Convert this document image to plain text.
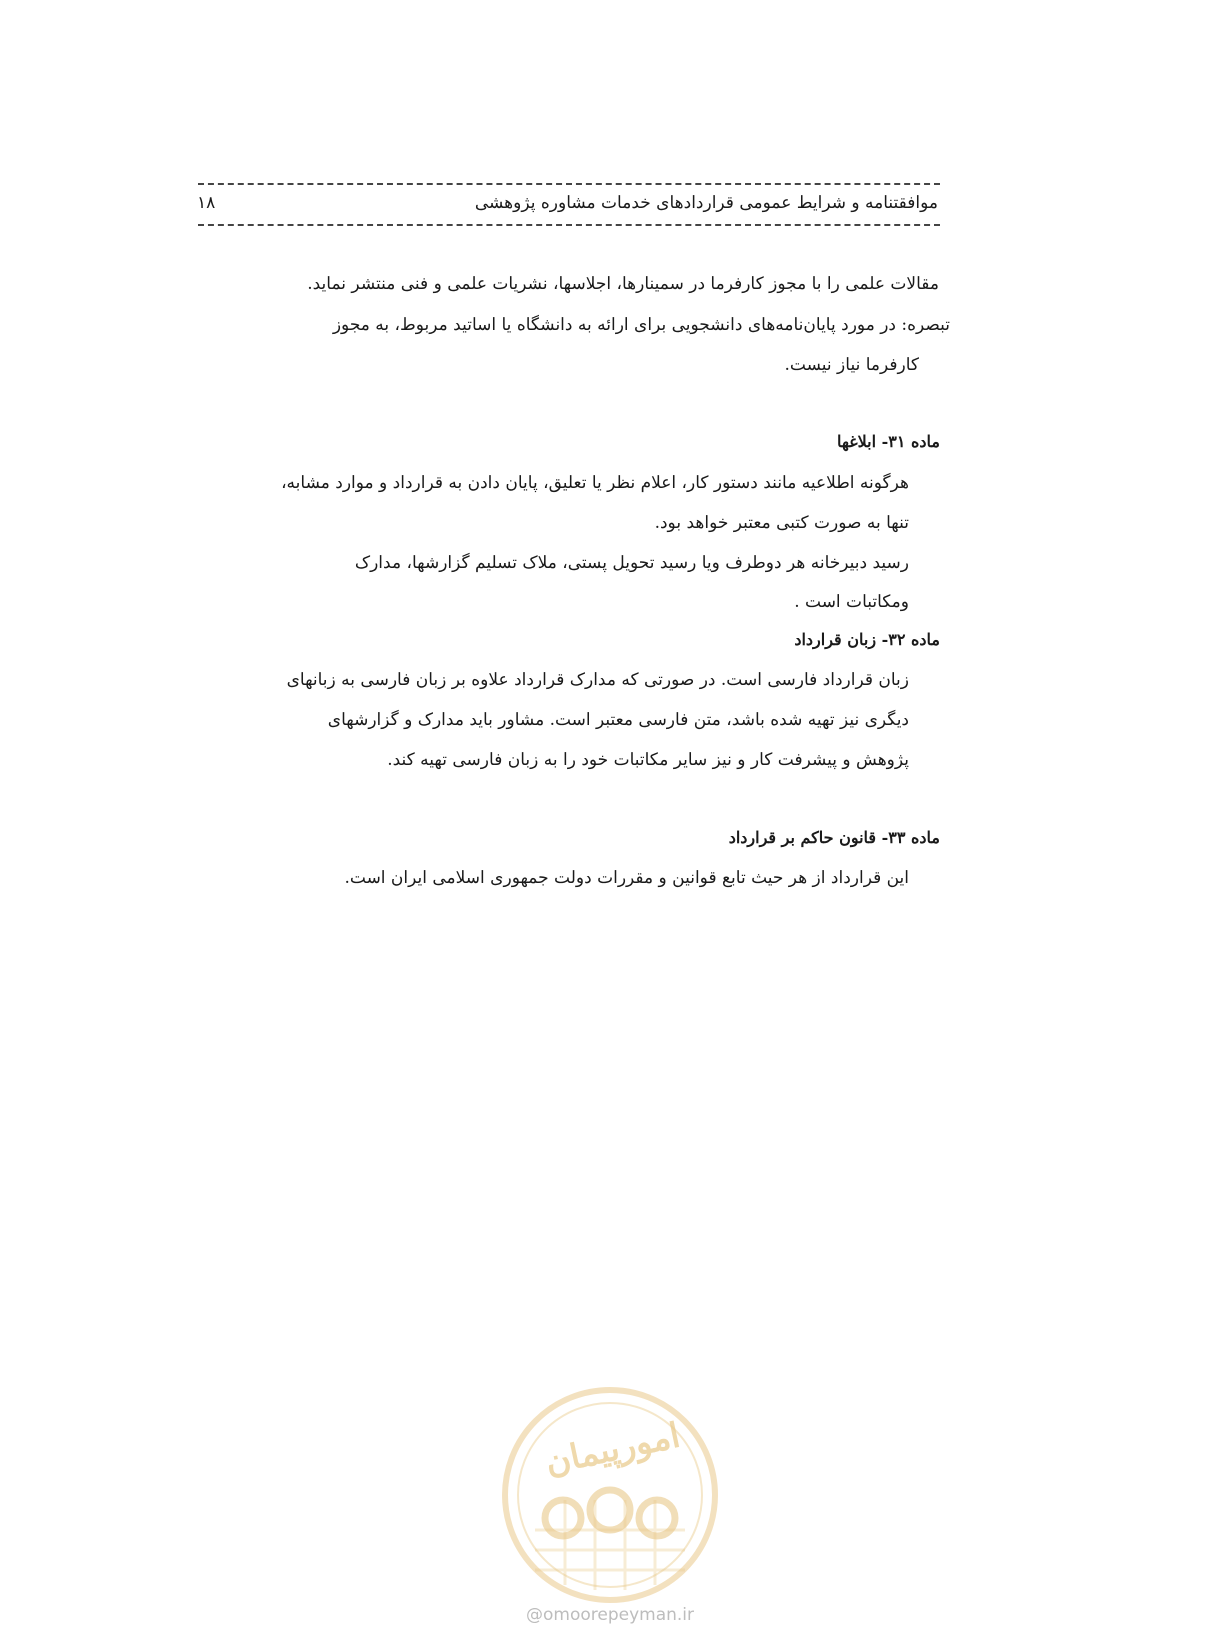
موافقتنامه و شرایط عمومی قراردادهای خدمات مشاوره پژوهشی
۱۸
مقالات علمی را با مجوز کارفرما در سمینارها، اجلاسها، نشریات علمی و فنی منتشر نماید.
تبصره: در مورد پایان‌نامه‌های دانشجویی برای ارائه به دانشگاه یا اساتید مربوط، به مجوز
کارفرما نیاز نیست.
ماده ۳۱- ابلاغها
هرگونه اطلاعیه مانند دستور کار، اعلام نظر یا تعلیق، پایان دادن به قرارداد و موارد مشابه،
تنها به صورت کتبی معتبر خواهد بود.
رسید دبیرخانه هر دوطرف ویا رسید تحویل پستی، ملاک تسلیم گزارشها، مدارک
ومکاتبات است .
ماده ۳۲- زبان قرارداد
زبان قرارداد فارسی است. در صورتی که مدارک قرارداد علاوه بر زبان فارسی به زبانهای
دیگری نیز تهیه شده باشد، متن فارسی معتبر است. مشاور باید مدارک و گزارشهای
پژوهش و پیشرفت کار و نیز سایر مکاتبات خود را به زبان فارسی تهیه کند.
ماده ۳۳- قانون حاکم بر قرارداد
این قرارداد از هر حیث تابع قوانین و مقررات دولت جمهوری اسلامی ایران است.
امورپیمان
@omoorepeyman.ir
